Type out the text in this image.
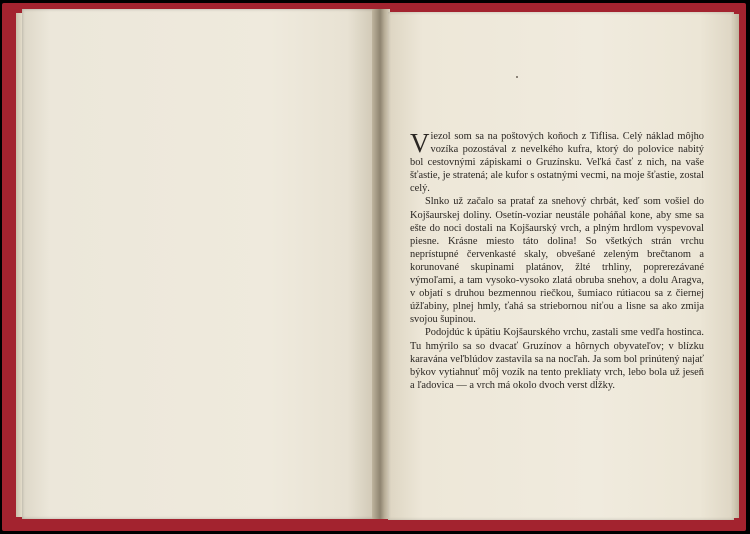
Viezol som sa na poštových koňoch z Tiflisa. Celý náklad môjho vozíka pozostával z nevelkého kufra, ktorý do polovice nabitý bol cestovnými zápiskami o Gruzínsku. Veľká časť z nich, na vaše šťastie, je stratená; ale kufor s ostatnými vecmi, na moje šťastie, zostal celý.

Slnko už začalo sa prataf za snehový chrbát, keď som vošiel do Kojšaurskej doliny. Osetín-voziar neustále poháňal kone, aby sme sa ešte do noci dostali na Kojšaurský vrch, a plným hrdlom vyspevoval piesne. Krásne miesto táto dolina! So všetkých strán vrchu neprístupné červenkasté skaly, obvešané zeleným brečtanom a korunované skupinami platánov, žlté trhliny, poprerezávané výmoľami, a tam vysoko-vysoko zlatá obruba snehov, a dolu Aragva, v objatí s druhou bezmennou riečkou, šumiaco rútiacou sa z čiernej úžľabiny, plnej hmly, ťahá sa striebornou niťou a lisne sa ako zmija svojou šupinou.

Podojdúc k úpätiu Kojšaurského vrchu, zastali sme vedľa hostinca. Tu hmýrilo sa so dvacať Gruzínov a hôrnych obyvateľov; v blízku karavána veľblúdov zastavila sa na nocľah. Ja som bol prinútený najať býkov vytiahnuť môj vozík na tento prekliaty vrch, lebo bola už jeseň a ľadovica — a vrch má okolo dvoch verst dĺžky.
